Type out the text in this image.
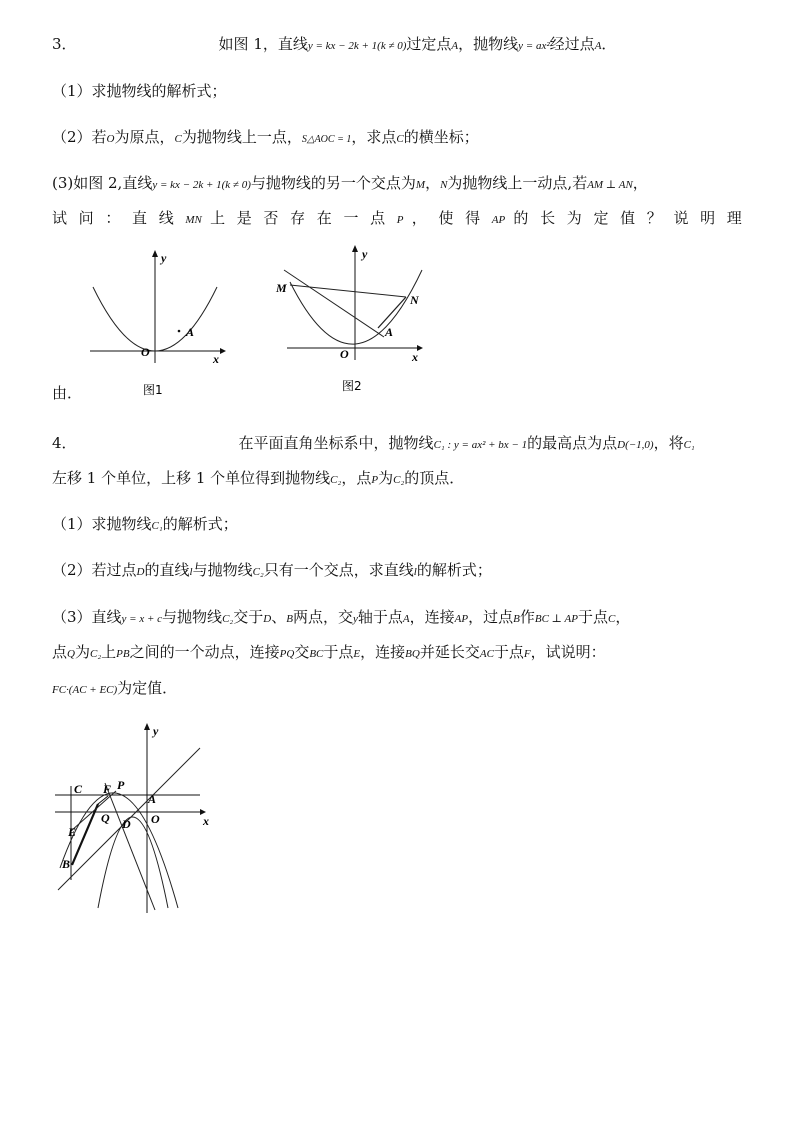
3．	如图 1，直线y = kx − 2k + 1(k ≠ 0)过定点A，抛物线y = ax²经过点A．
（1）求抛物线的解析式；
（2）若O为原点，C为抛物线上一点，S△AOC = 1，求点C的横坐标；
(3)如图 2,直线y = kx − 2k + 1(k ≠ 0)与抛物线的另一个交点为M，N为抛物线上一动点,若AM ⊥ AN，
试 问 ： 直 线 MN 上 是 否 存 在 一 点 P ， 使 得 AP 的 长 为 定 值 ？ 说 明 理
y
x
O
A
图1
y
x
O
A
M
N
图2
由．
4．	在平面直角坐标系中，抛物线C₁ : y = ax² + bx − 1的最高点为点D(−1,0)，将C₁
左移 1 个单位，上移 1 个单位得到抛物线C₂，点P为C₂的顶点．
（1）求抛物线C₁的解析式；
（2）若过点D的直线l与抛物线C₂只有一个交点，求直线l的解析式；
（3）直线y = x + c与抛物线C₂交于D、B两点，交y轴于点A，连接AP，过点B作BC ⊥ AP于点C，
点Q为C₂上PB之间的一个动点，连接PQ交BC于点E，连接BQ并延长交AC于点F，试说明：
FC·(AC + EC)为定值．
y
x
C F P
A
E
Q D O
B
